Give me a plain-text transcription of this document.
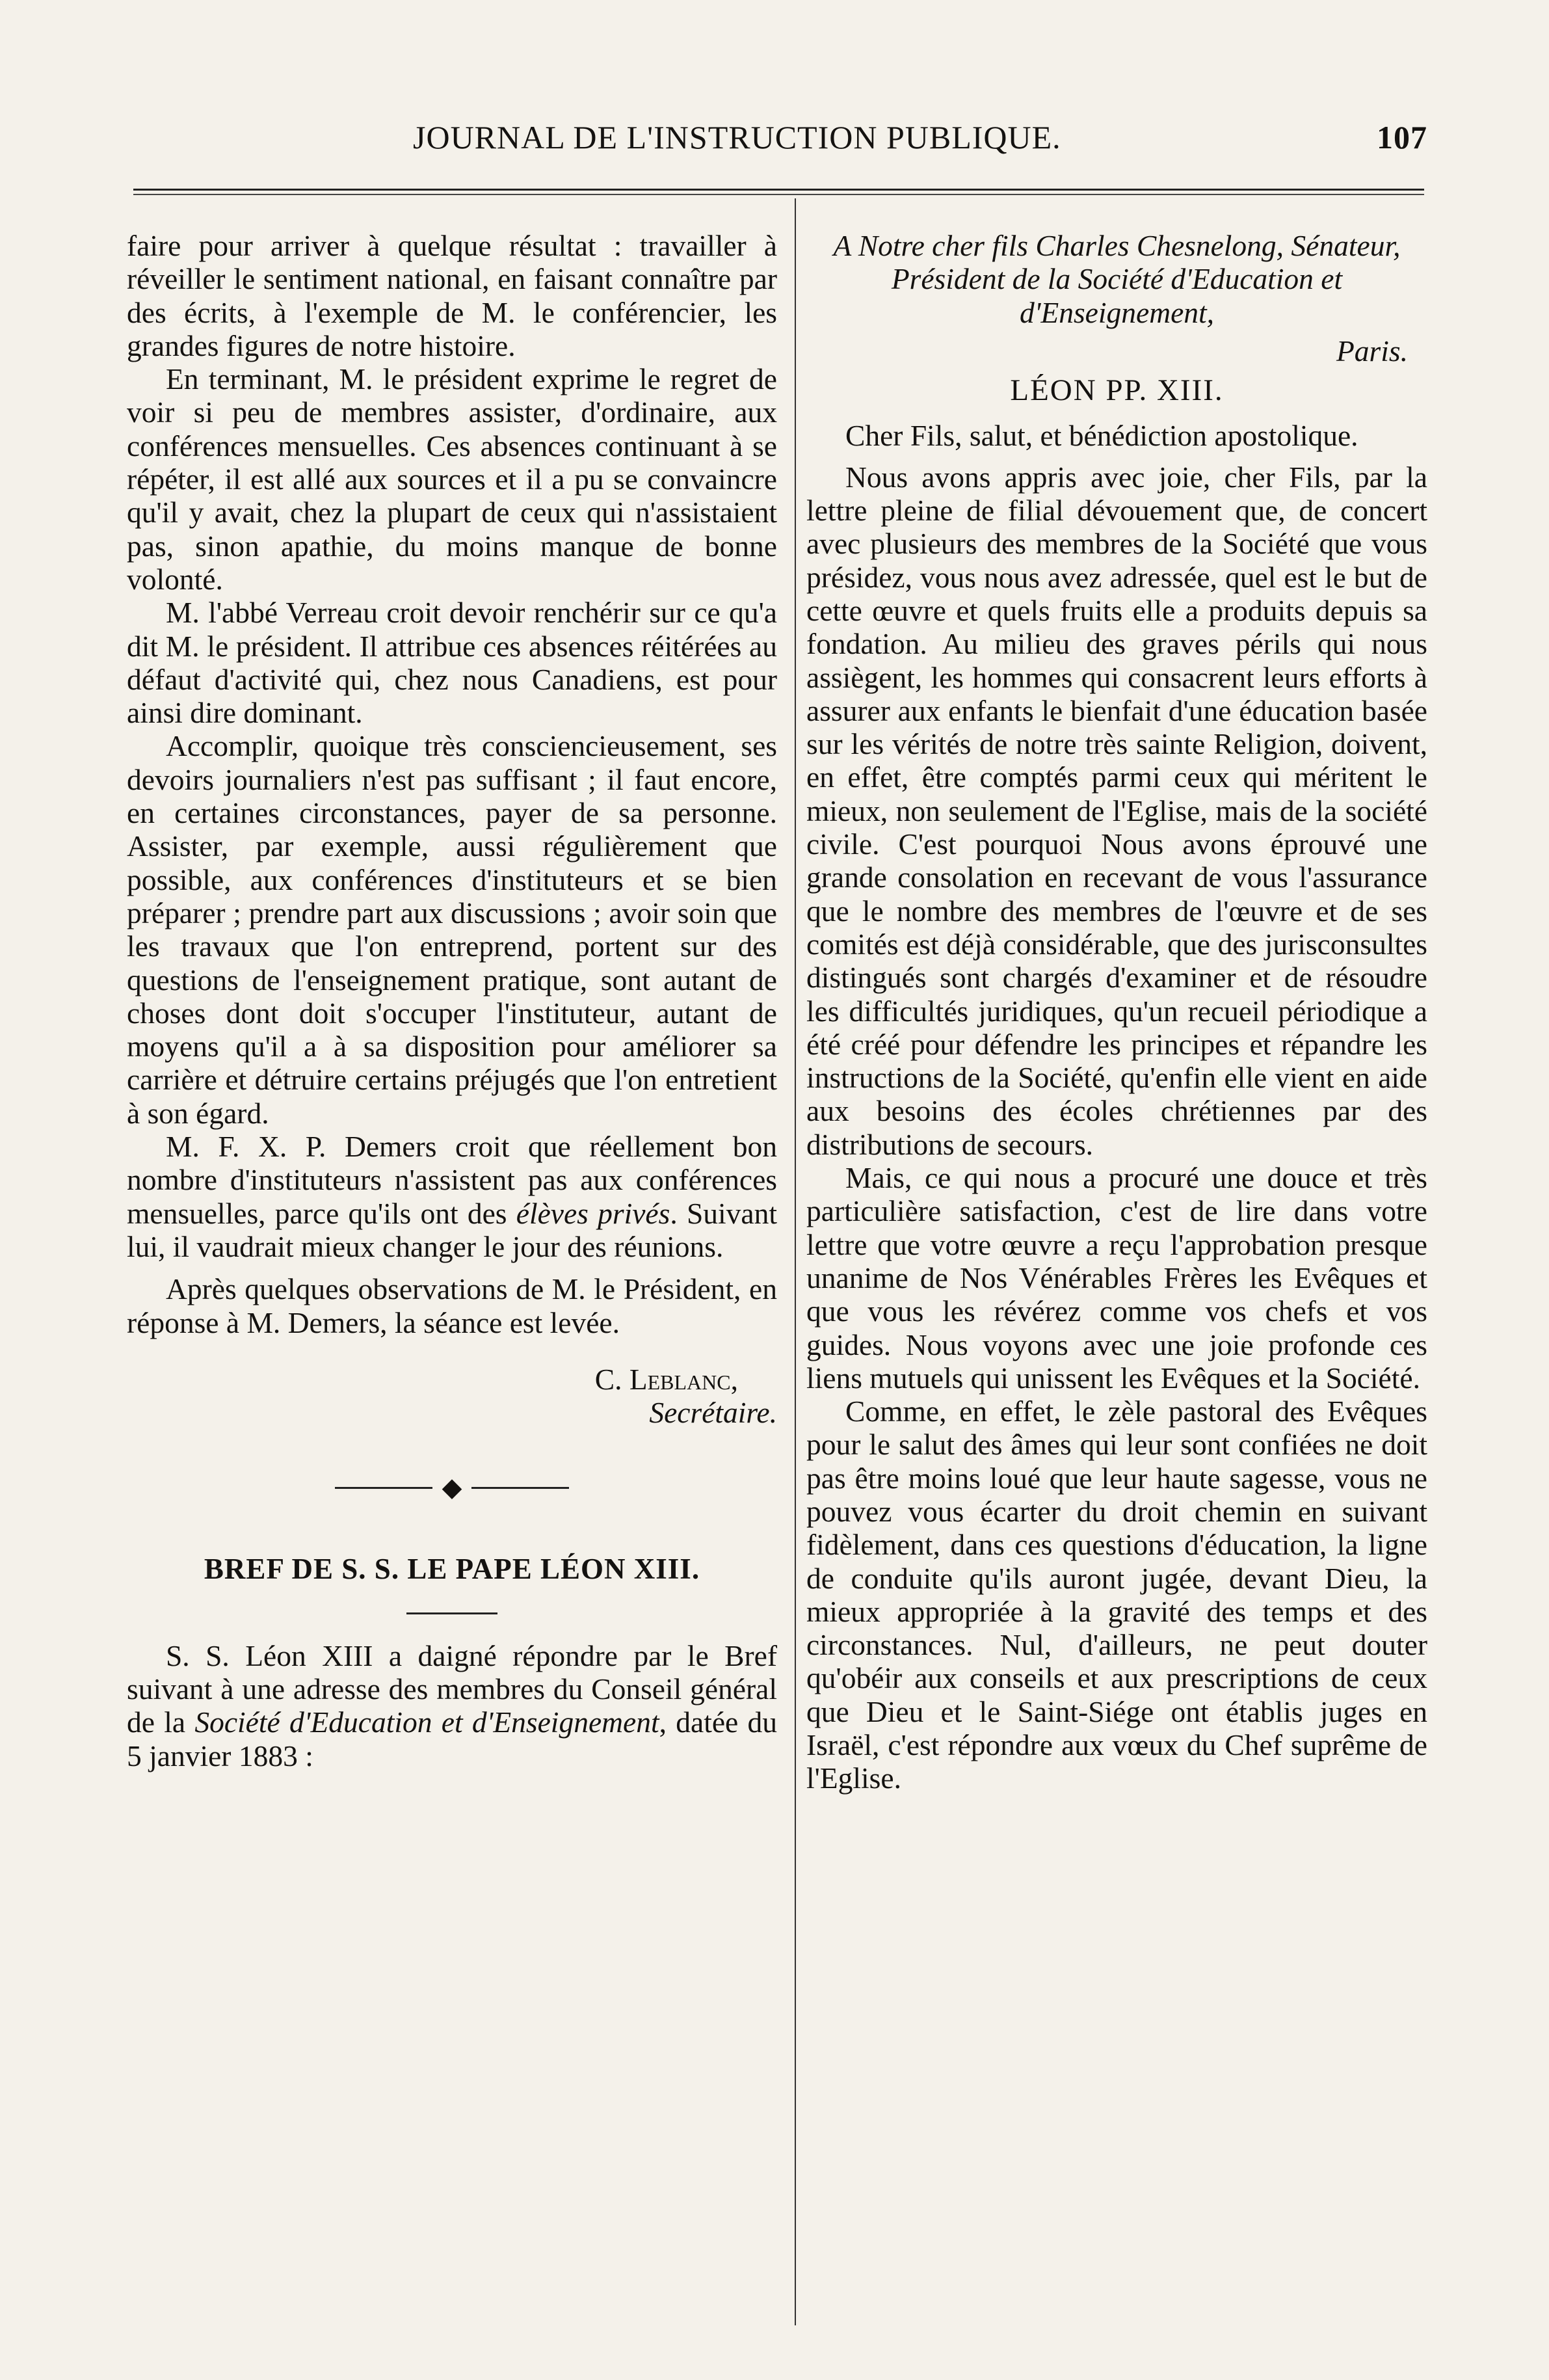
JOURNAL DE L'INSTRUCTION PUBLIQUE.	107

faire pour arriver à quelque résultat : travailler à réveiller le sentiment national, en faisant connaître par des écrits, à l'exemple de M. le conférencier, les grandes figures de notre histoire.

En terminant, M. le président exprime le regret de voir si peu de membres assister, d'ordinaire, aux conférences mensuelles. Ces absences continuant à se répéter, il est allé aux sources et il a pu se convaincre qu'il y avait, chez la plupart de ceux qui n'assistaient pas, sinon apathie, du moins manque de bonne volonté.

M. l'abbé Verreau croit devoir renchérir sur ce qu'a dit M. le président. Il attribue ces absences réitérées au défaut d'activité qui, chez nous Canadiens, est pour ainsi dire dominant.

Accomplir, quoique très consciencieusement, ses devoirs journaliers n'est pas suffisant ; il faut encore, en certaines circonstances, payer de sa personne. Assister, par exemple, aussi régulièrement que possible, aux conférences d'instituteurs et se bien préparer ; prendre part aux discussions ; avoir soin que les travaux que l'on entreprend, portent sur des questions de l'enseignement pratique, sont autant de choses dont doit s'occuper l'instituteur, autant de moyens qu'il a à sa disposition pour améliorer sa carrière et détruire certains préjugés que l'on entretient à son égard.

M. F. X. P. Demers croit que réellement bon nombre d'instituteurs n'assistent pas aux conférences mensuelles, parce qu'ils ont des élèves privés. Suivant lui, il vaudrait mieux changer le jour des réunions.

Après quelques observations de M. le Président, en réponse à M. Demers, la séance est levée.

C. Leblanc,

Secrétaire.

◆

BREF DE S. S. LE PAPE LÉON XIII.

S. S. Léon XIII a daigné répondre par le Bref suivant à une adresse des membres du Conseil général de la Société d'Education et d'Enseignement, datée du 5 janvier 1883 :

A Notre cher fils Charles Chesnelong, Sénateur, Président de la Société d'Education et d'Enseignement,

Paris.

LÉON PP. XIII.

Cher Fils, salut, et bénédiction apostolique.

Nous avons appris avec joie, cher Fils, par la lettre pleine de filial dévouement que, de concert avec plusieurs des membres de la Société que vous présidez, vous nous avez adressée, quel est le but de cette œuvre et quels fruits elle a produits depuis sa fondation. Au milieu des graves périls qui nous assiègent, les hommes qui consacrent leurs efforts à assurer aux enfants le bienfait d'une éducation basée sur les vérités de notre très sainte Religion, doivent, en effet, être comptés parmi ceux qui méritent le mieux, non seulement de l'Eglise, mais de la société civile. C'est pourquoi Nous avons éprouvé une grande consolation en recevant de vous l'assurance que le nombre des membres de l'œuvre et de ses comités est déjà considérable, que des jurisconsultes distingués sont chargés d'examiner et de résoudre les difficultés juridiques, qu'un recueil périodique a été créé pour défendre les principes et répandre les instructions de la Société, qu'enfin elle vient en aide aux besoins des écoles chrétiennes par des distributions de secours.

Mais, ce qui nous a procuré une douce et très particulière satisfaction, c'est de lire dans votre lettre que votre œuvre a reçu l'approbation presque unanime de Nos Vénérables Frères les Evêques et que vous les révérez comme vos chefs et vos guides. Nous voyons avec une joie profonde ces liens mutuels qui unissent les Evêques et la Société.

Comme, en effet, le zèle pastoral des Evêques pour le salut des âmes qui leur sont confiées ne doit pas être moins loué que leur haute sagesse, vous ne pouvez vous écarter du droit chemin en suivant fidèlement, dans ces questions d'éducation, la ligne de conduite qu'ils auront jugée, devant Dieu, la mieux appropriée à la gravité des temps et des circonstances. Nul, d'ailleurs, ne peut douter qu'obéir aux conseils et aux prescriptions de ceux que Dieu et le Saint-Siége ont établis juges en Israël, c'est répondre aux vœux du Chef suprême de l'Eglise.
